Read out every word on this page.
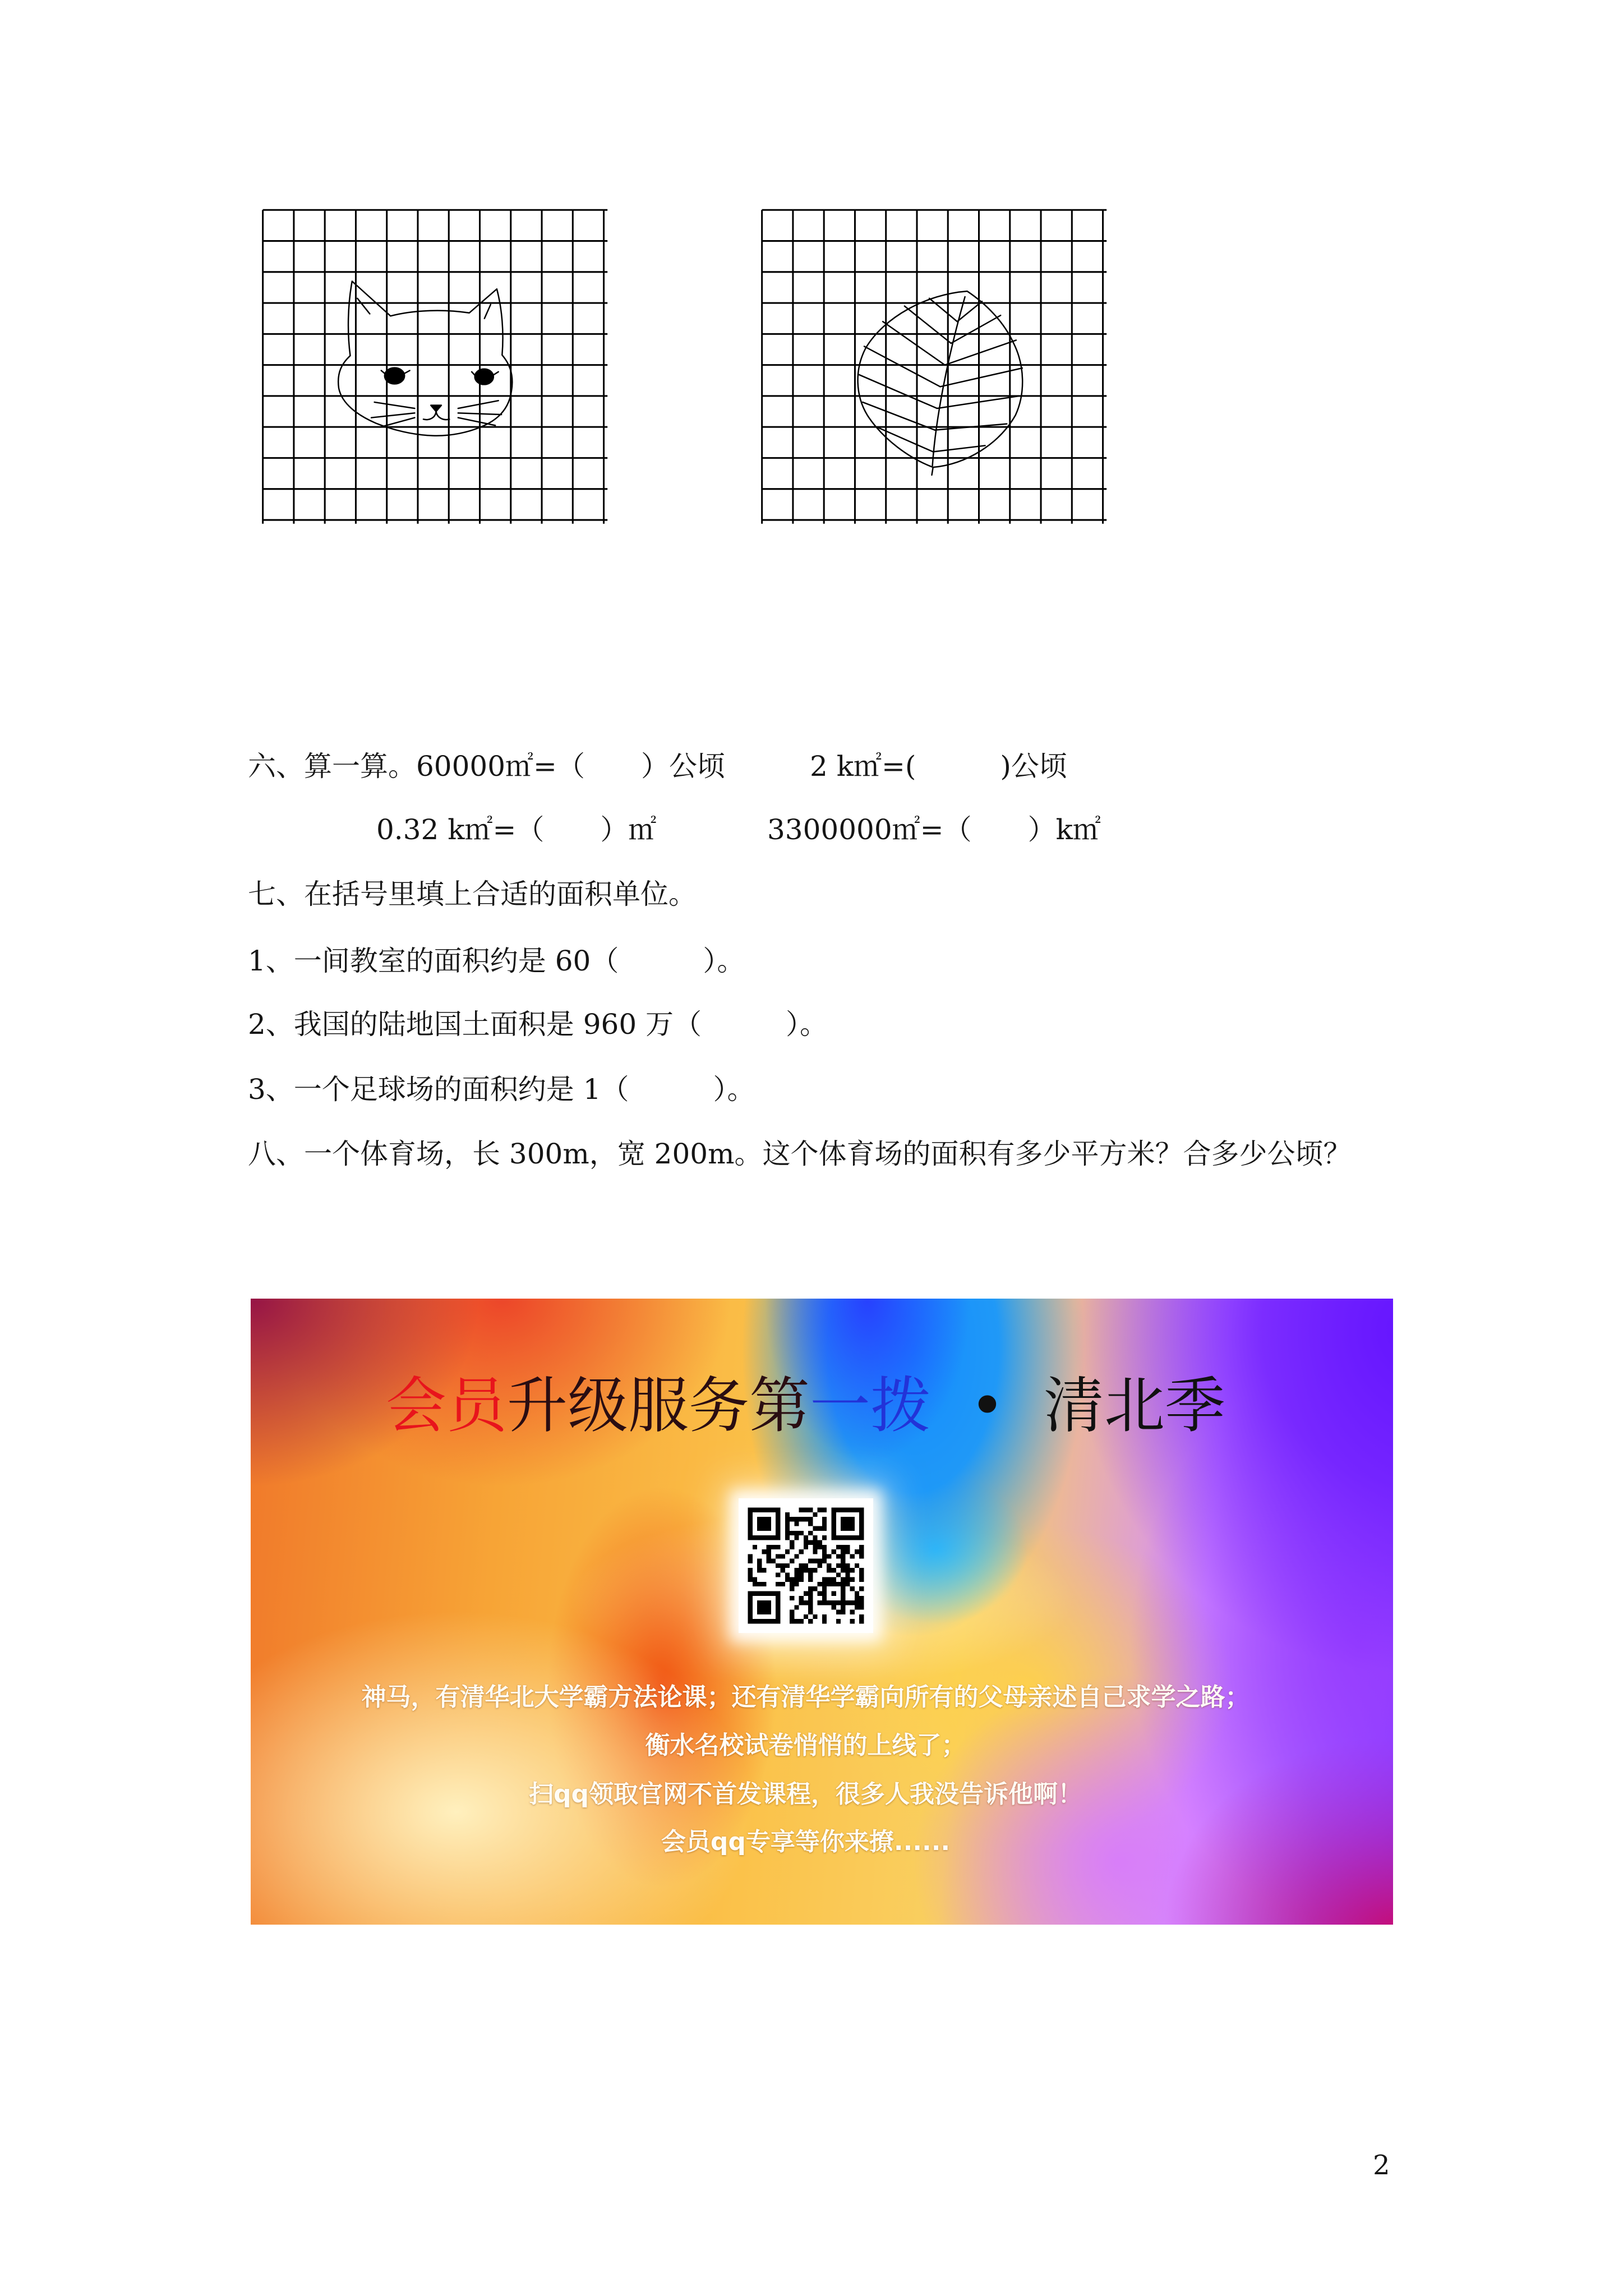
六、算一算。60000㎡=（　　）公顷	2 k㎡=(　　　)公顷
0.32 k㎡=（　　）㎡	3300000㎡=（　　）k㎡
七、在括号里填上合适的面积单位。
1、一间教室的面积约是 60（　　　）。
2、我国的陆地国土面积是 960 万（　　　）。
3、一个足球场的面积约是 1（　　　）。
八、一个体育场，长 300m，宽 200m。这个体育场的面积有多少平方米？合多少公顷？
会员升级服务第一拨  •  清北季
神马，有清华北大学霸方法论课；还有清华学霸向所有的父母亲述自己求学之路；
衡水名校试卷悄悄的上线了；
扫qq领取官网不首发课程，很多人我没告诉他啊！
会员qq专享等你来撩......
2
